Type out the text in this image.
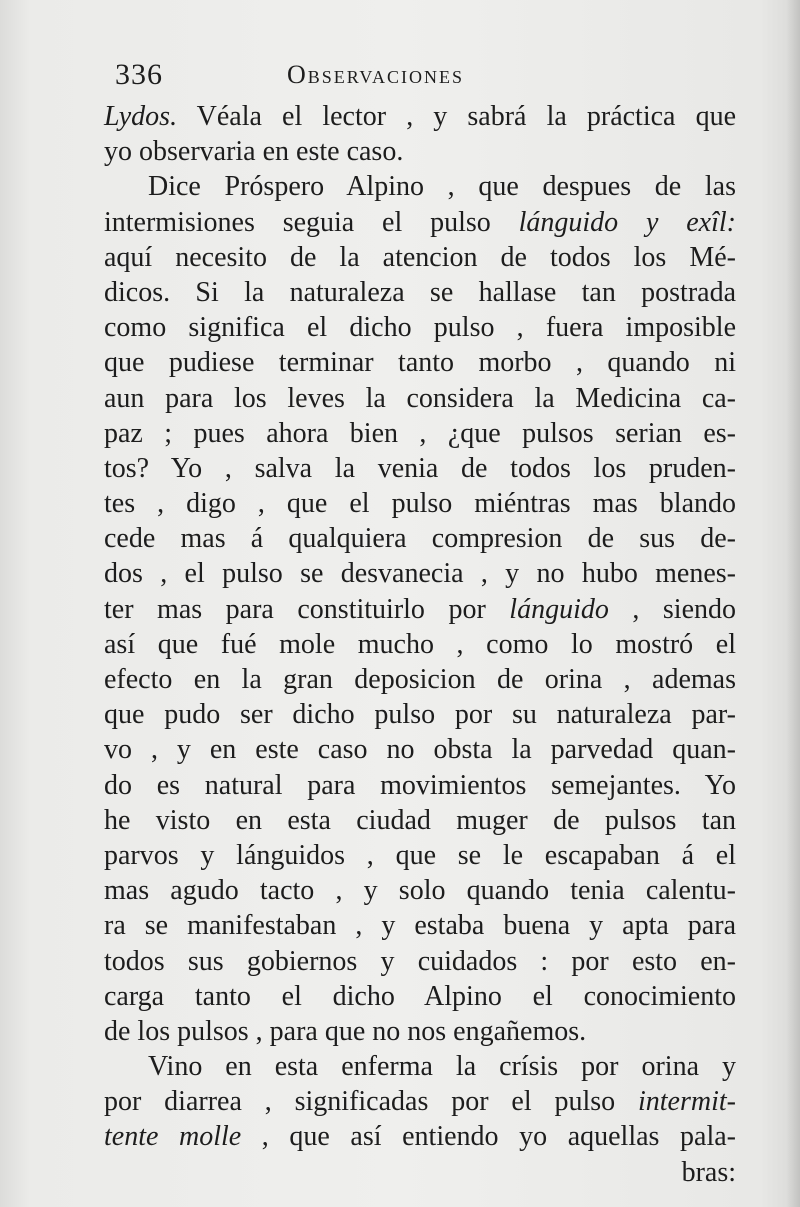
336	Observaciones
Lydos. Véala el lector , y sabrá la práctica que
yo observaria en este caso.
Dice Próspero Alpino , que despues de las
intermisiones seguia el pulso lánguido y exîl:
aquí necesito de la atencion de todos los Mé-
dicos. Si la naturaleza se hallase tan postrada
como significa el dicho pulso , fuera imposible
que pudiese terminar tanto morbo , quando ni
aun para los leves la considera la Medicina ca-
paz ; pues ahora bien , ¿que pulsos serian es-
tos? Yo , salva la venia de todos los pruden-
tes , digo , que el pulso miéntras mas blando
cede mas á qualquiera compresion de sus de-
dos , el pulso se desvanecia , y no hubo menes-
ter mas para constituirlo por lánguido , siendo
así que fué mole mucho , como lo mostró el
efecto en la gran deposicion de orina , ademas
que pudo ser dicho pulso por su naturaleza par-
vo , y en este caso no obsta la parvedad quan-
do es natural para movimientos semejantes. Yo
he visto en esta ciudad muger de pulsos tan
parvos y lánguidos , que se le escapaban á el
mas agudo tacto , y solo quando tenia calentu-
ra se manifestaban , y estaba buena y apta para
todos sus gobiernos y cuidados : por esto en-
carga tanto el dicho Alpino el conocimiento
de los pulsos , para que no nos engañemos.
Vino en esta enferma la crísis por orina y
por diarrea , significadas por el pulso intermit-
tente molle , que así entiendo yo aquellas pala-
bras:
